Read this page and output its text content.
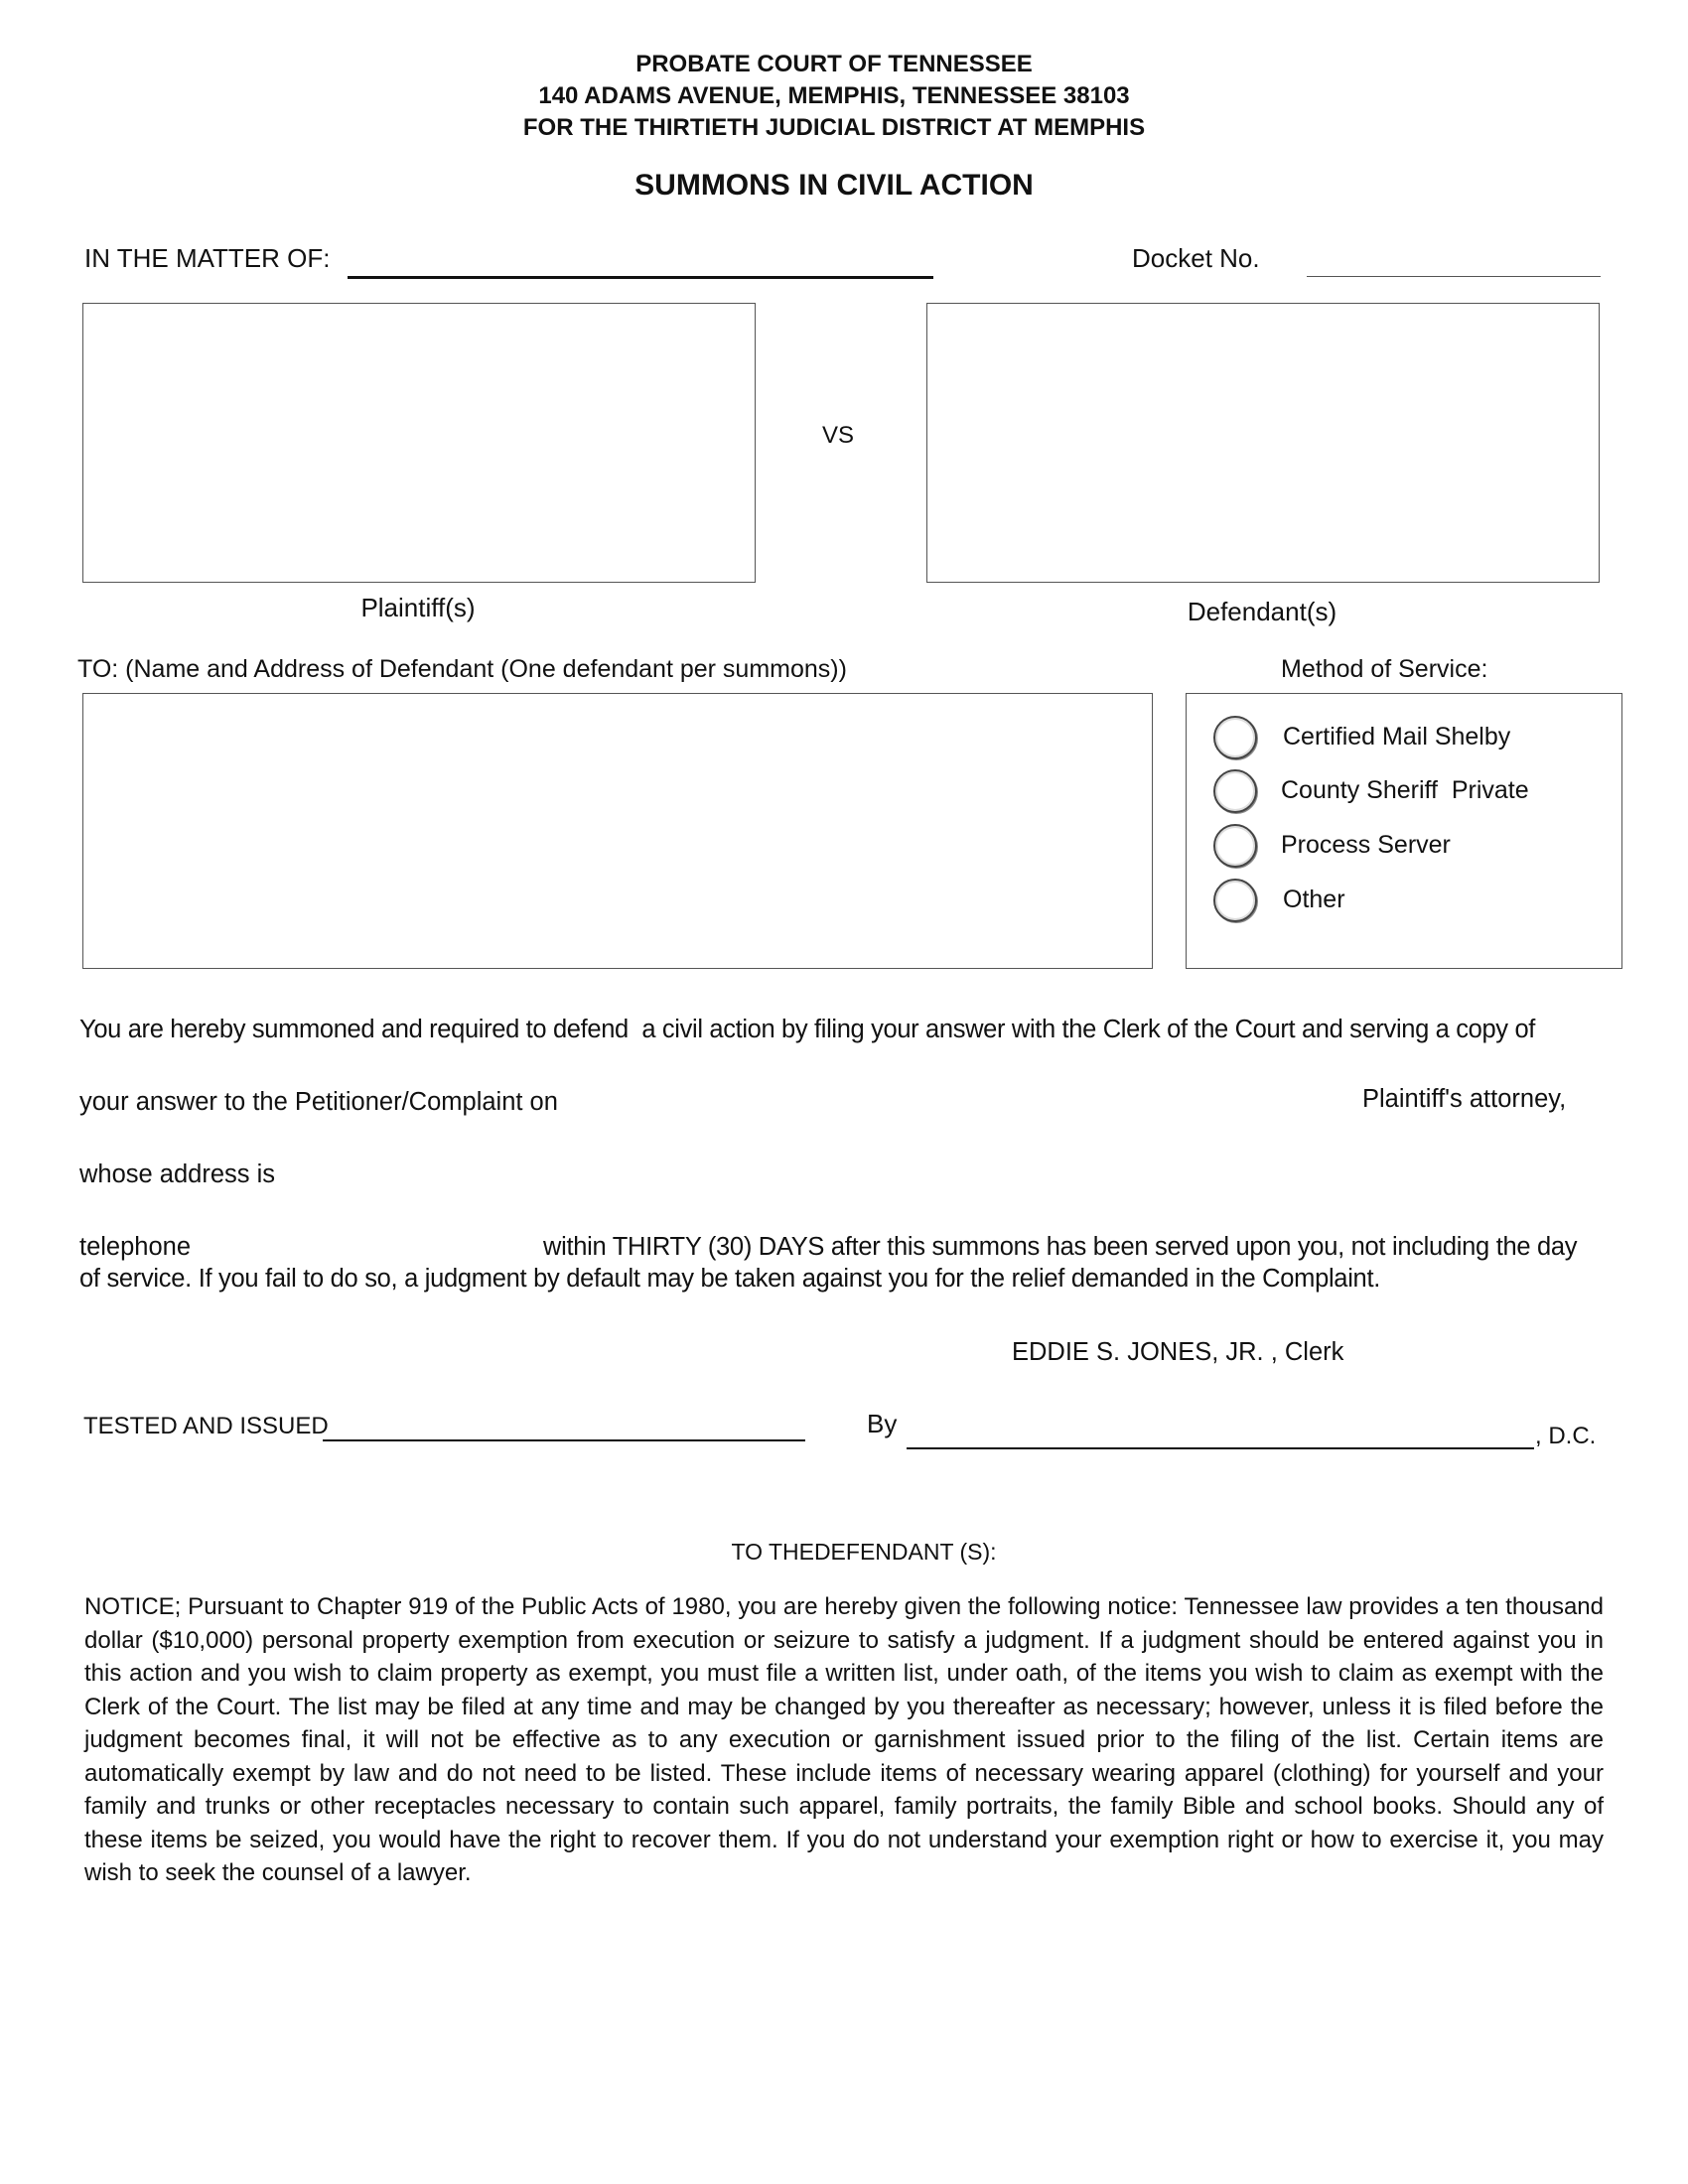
PROBATE COURT OF TENNESSEE
140 ADAMS AVENUE, MEMPHIS, TENNESSEE 38103
FOR THE THIRTIETH JUDICIAL DISTRICT AT MEMPHIS
SUMMONS IN CIVIL ACTION
IN THE MATTER OF:	Docket No.
VS
Plaintiff(s)	Defendant(s)
TO: (Name and Address of Defendant (One defendant per summons))	Method of Service:
Certified Mail Shelby
County Sheriff  Private
Process Server
Other
You are hereby summoned and required to defend  a civil action by filing your answer with the Clerk of the Court and serving a copy of
your answer to the Petitioner/Complaint on	Plaintiff's attorney,
whose address is
telephone	within THIRTY (30) DAYS after this summons has been served upon you, not including the day
of service. If you fail to do so, a judgment by default may be taken against you for the relief demanded in the Complaint.
EDDIE S. JONES, JR. , Clerk
TESTED AND ISSUED	By	, D.C.
TO THEDEFENDANT (S):

NOTICE; Pursuant to Chapter 919 of the Public Acts of 1980, you are hereby given the following notice: Tennessee law provides a ten thousand dollar ($10,000) personal property exemption from execution or seizure to satisfy a judgment. If a judgment should be entered against you in this action and you wish to claim property as exempt, you must file a written list, under oath, of the items you wish to claim as exempt with the Clerk of the Court. The list may be filed at any time and may be changed by you thereafter as necessary; however, unless it is filed before the judgment becomes final, it will not be effective as to any execution or garnishment issued prior to the filing of the list. Certain items are automatically exempt by law and do not need to be listed. These include items of necessary wearing apparel (clothing) for yourself and your family and trunks or other receptacles necessary to contain such apparel, family portraits, the family Bible and school books. Should any of these items be seized, you would have the right to recover them. If you do not understand your exemption right or how to exercise it, you may wish to seek the counsel of a lawyer.
